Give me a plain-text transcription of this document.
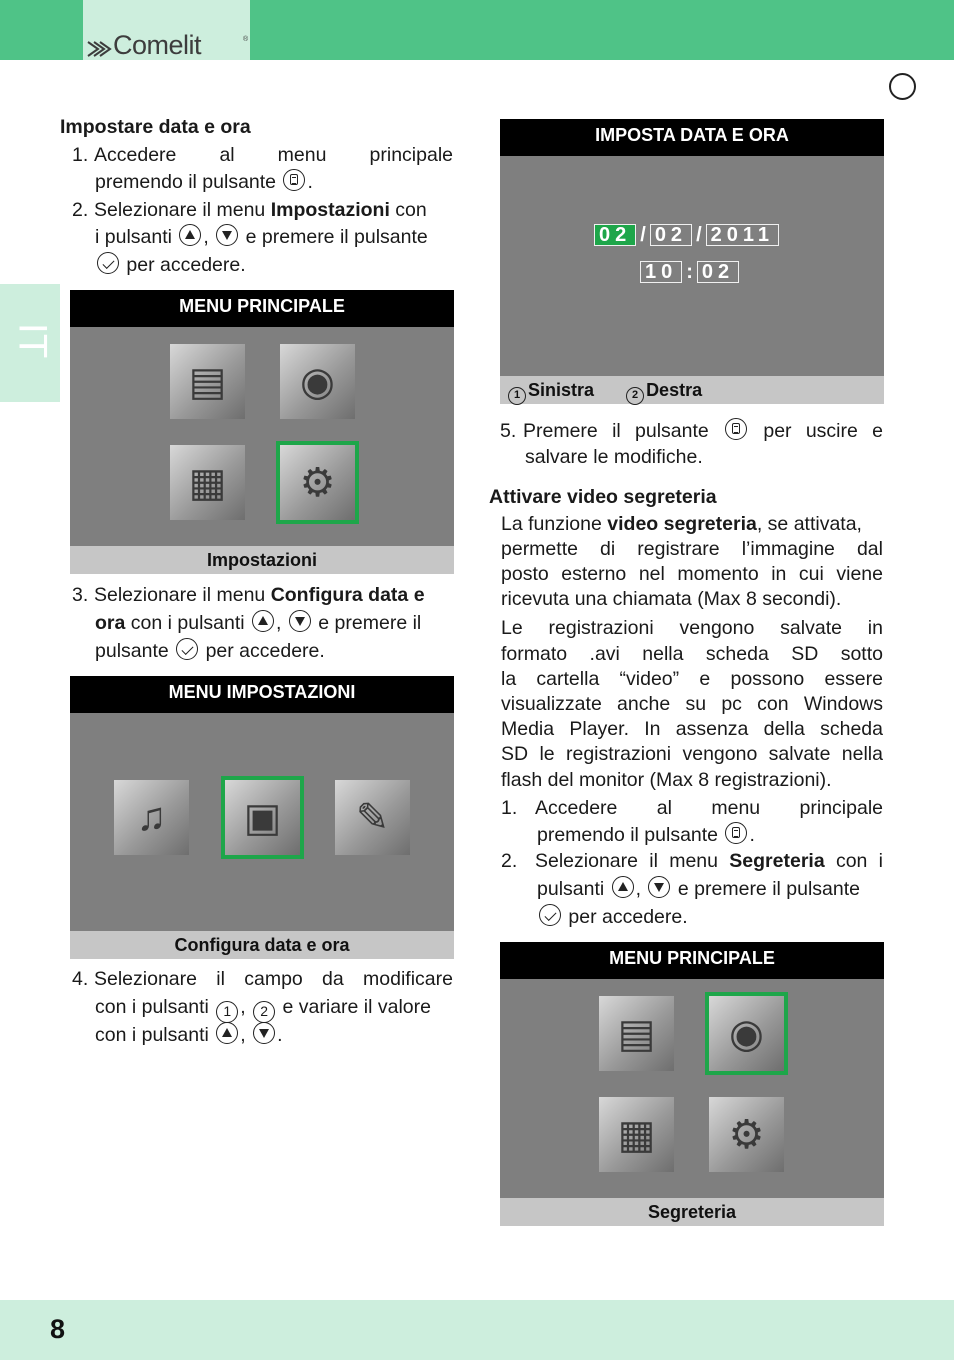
Comelit	®
IT
Impostare data e ora
1. Accedere al menu principale
premendo il pulsante .
2. Selezionare il menu Impostazioni con
i pulsanti , e premere il pulsante
per accedere.
MENU PRINCIPALE
▤	◉
▦	⚙
Impostazioni
3. Selezionare il menu Configura data e
ora con i pulsanti , e premere il
pulsante per accedere.
MENU IMPOSTAZIONI
♫	▣	✎
Configura data e ora
4. Selezionare il campo da modificare
con i pulsanti 1 , 2 e variare il valore
con i pulsanti , .
IMPOSTA DATA E ORA
02 / 02 / 2011
10 : 02
1 Sinistra	2 Destra
5. Premere il pulsante	per uscire e
salvare le modifiche.
Attivare video segreteria
La funzione video segreteria, se attivata,
permette di registrare l’immagine dal
posto esterno nel momento in cui viene
ricevuta una chiamata (Max 8 secondi).
Le registrazioni vengono salvate in
formato .avi nella scheda SD sotto
la cartella “video” e possono essere
visualizzate anche su pc con Windows
Media Player. In assenza della scheda
SD le registrazioni vengono salvate nella
flash del monitor (Max 8 registrazioni).
1. Accedere al menu principale
premendo il pulsante .
2. Selezionare il menu Segreteria con i
pulsanti , e premere il pulsante
per accedere.
MENU PRINCIPALE
▤	◉
▦	⚙
Segreteria
8
